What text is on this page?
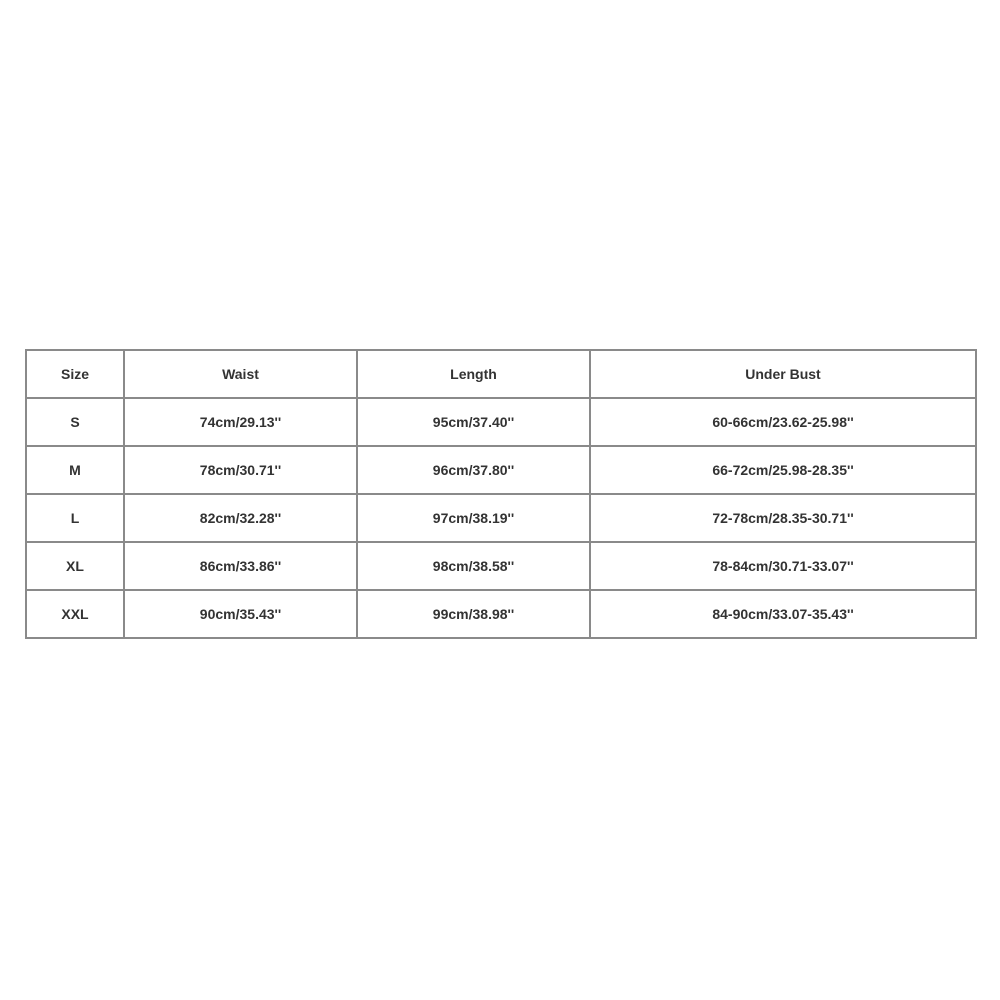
Size	Waist	Length	Under Bust
S	74cm/29.13''	95cm/37.40''	60-66cm/23.62-25.98''
M	78cm/30.71''	96cm/37.80''	66-72cm/25.98-28.35''
L	82cm/32.28''	97cm/38.19''	72-78cm/28.35-30.71''
XL	86cm/33.86''	98cm/38.58''	78-84cm/30.71-33.07''
XXL	90cm/35.43''	99cm/38.98''	84-90cm/33.07-35.43''
